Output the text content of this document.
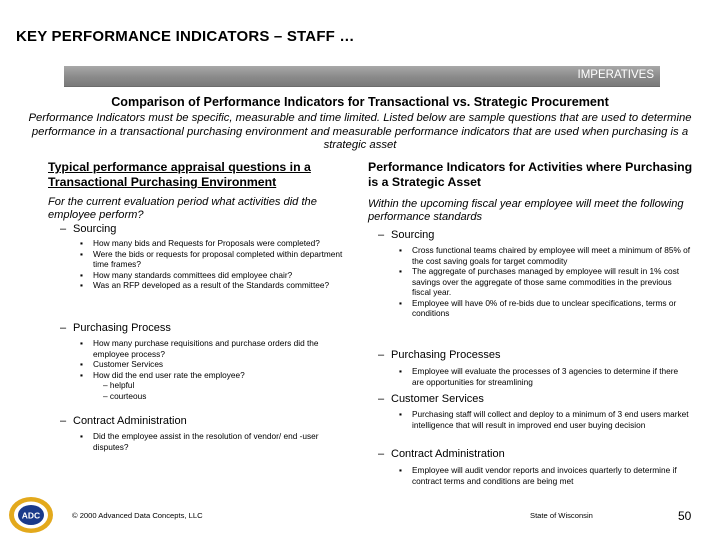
KEY PERFORMANCE INDICATORS – STAFF …
IMPERATIVES
Comparison of Performance Indicators for Transactional vs. Strategic Procurement
Performance Indicators must be specific, measurable and time limited. Listed below are sample questions that are used to determine performance in a transactional purchasing environment and measurable performance indicators that are used when purchasing is a strategic asset
Typical performance appraisal questions in a Transactional Purchasing Environment
For the current evaluation period what activities did the employee perform?
– Sourcing
▪ How many bids and Requests for Proposals were completed?
▪ Were the bids or requests for proposal completed within department time frames?
▪ How many standards committees did employee chair?
▪ Was an RFP developed as a result of the Standards committee?
– Purchasing Process
▪ How many purchase requisitions and purchase orders did the employee process?
▪ Customer Services
▪ How did the end user rate the employee?
– helpful
– courteous
– Contract Administration
▪ Did the employee assist in the resolution of vendor/ end -user disputes?
Performance Indicators for Activities where Purchasing is a Strategic Asset
Within the upcoming fiscal year employee will meet the following performance standards
– Sourcing
▪ Cross functional teams chaired by employee will meet a minimum of 85% of the cost saving goals for target commodity
▪ The aggregate of purchases managed by employee will result in 1% cost savings over the aggregate of those same commodities in the previous fiscal year.
▪ Employee will have 0% of re-bids due to unclear specifications, terms or conditions
– Purchasing Processes
▪ Employee will evaluate the processes of 3 agencies to determine if there are opportunities for streamlining
– Customer Services
▪ Purchasing staff will collect and deploy to a minimum of 3 end users market intelligence that will result in improved end user buying decision
– Contract Administration
▪ Employee will audit vendor reports and invoices quarterly to determine if contract terms and conditions are being met
ADC	© 2000 Advanced Data Concepts, LLC	State of Wisconsin	50
